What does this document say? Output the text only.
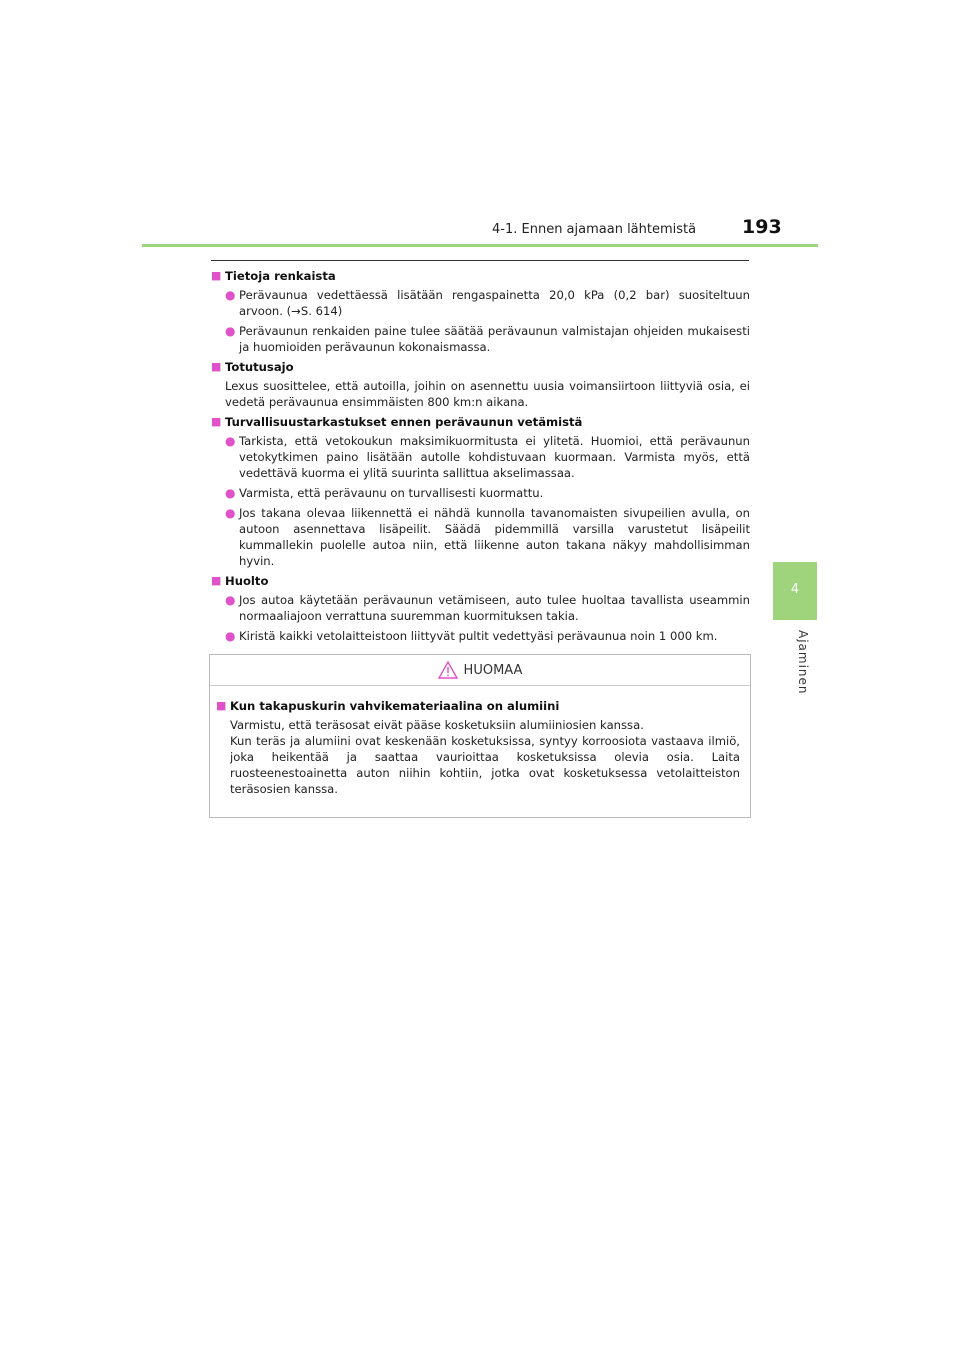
4-1. Ennen ajamaan lähtemistä 193
4
Ajaminen
■ Tietoja renkaista
● Perävaunua vedettäessä lisätään rengaspainetta 20,0 kPa (0,2 bar) suositeltuun arvoon. (→S. 614)
● Perävaunun renkaiden paine tulee säätää perävaunun valmistajan ohjeiden mukaisesti ja huomioiden perävaunun kokonaismassa.
■ Totutusajo
Lexus suosittelee, että autoilla, joihin on asennettu uusia voimansiirtoon liittyviä osia, ei vedetä perävaunua ensimmäisten 800 km:n aikana.
■ Turvallisuustarkastukset ennen perävaunun vetämistä
● Tarkista, että vetokoukun maksimikuormitusta ei ylitetä. Huomioi, että perävaunun vetokytkimen paino lisätään autolle kohdistuvaan kuormaan. Varmista myös, että vedettävä kuorma ei ylitä suurinta sallittua akselimassaa.
● Varmista, että perävaunu on turvallisesti kuormattu.
● Jos takana olevaa liikennettä ei nähdä kunnolla tavanomaisten sivupeilien avulla, on autoon asennettava lisäpeilit. Säädä pidemmillä varsilla varustetut lisäpeilit kummallekin puolelle autoa niin, että liikenne auton takana näkyy mahdollisimman hyvin.
■ Huolto
● Jos autoa käytetään perävaunun vetämiseen, auto tulee huoltaa tavallista useammin normaaliajoon verrattuna suuremman kuormituksen takia.
● Kiristä kaikki vetolaitteistoon liittyvät pultit vedettyäsi perävaunua noin 1 000 km.
HUOMAA
■ Kun takapuskurin vahvikemateriaalina on alumiini
Varmistu, että teräsosat eivät pääse kosketuksiin alumiiniosien kanssa.
Kun teräs ja alumiini ovat keskenään kosketuksissa, syntyy korroosiota vastaava ilmiö, joka heikentää ja saattaa vaurioittaa kosketuksissa olevia osia. Laita ruosteenestoainetta auton niihin kohtiin, jotka ovat kosketuksessa vetolaitteiston teräsosien kanssa.
